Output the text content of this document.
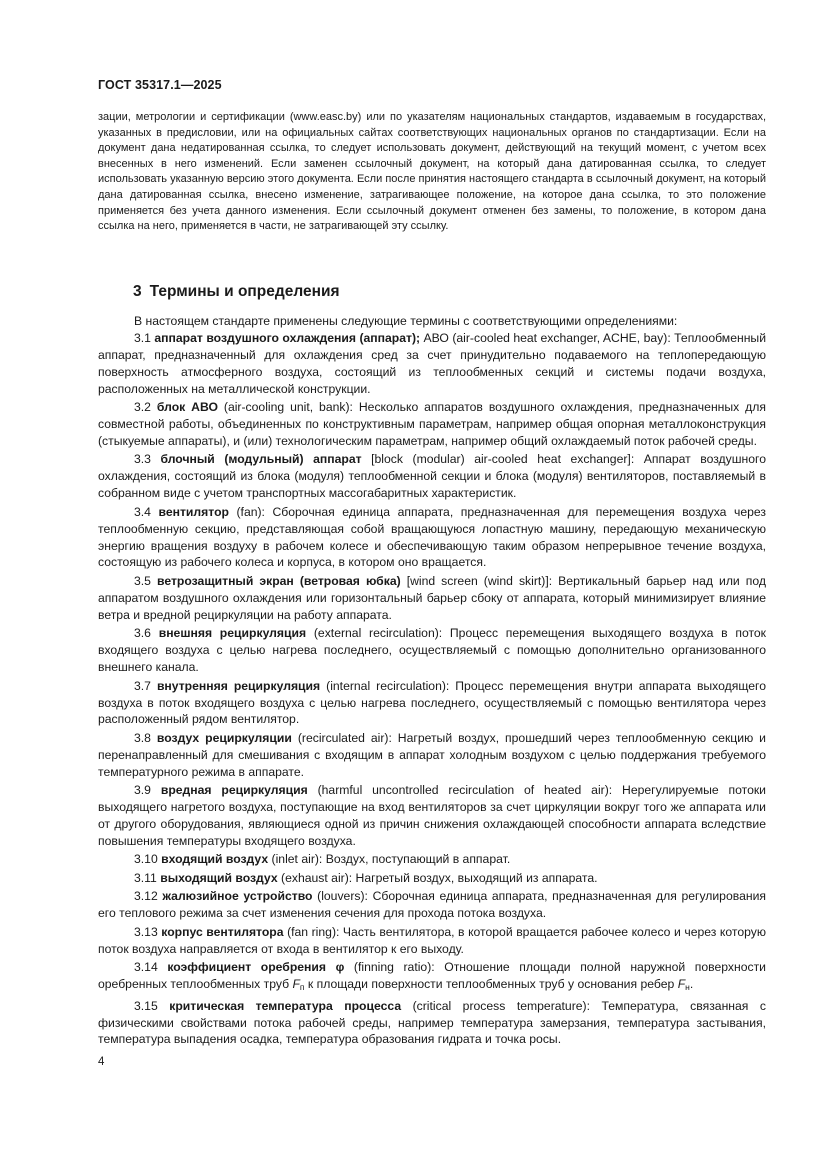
ГОСТ 35317.1—2025

зации, метрологии и сертификации (www.easc.by) или по указателям национальных стандартов, издаваемым в государствах, указанных в предисловии, или на официальных сайтах соответствующих национальных органов по стандартизации. Если на документ дана недатированная ссылка, то следует использовать документ, действующий на текущий момент, с учетом всех внесенных в него изменений. Если заменен ссылочный документ, на который дана датированная ссылка, то следует использовать указанную версию этого документа. Если после принятия настоящего стандарта в ссылочный документ, на который дана датированная ссылка, внесено изменение, затрагивающее положение, на которое дана ссылка, то это положение применяется без учета данного изменения. Если ссылочный документ отменен без замены, то положение, в котором дана ссылка на него, применяется в части, не затрагивающей эту ссылку.

3 Термины и определения

В настоящем стандарте применены следующие термины с соответствующими определениями:

3.1 аппарат воздушного охлаждения (аппарат); АВО (air-cooled heat exchanger, ACHE, bay): Теплообменный аппарат, предназначенный для охлаждения сред за счет принудительно подаваемого на теплопередающую поверхность атмосферного воздуха, состоящий из теплообменных секций и системы подачи воздуха, расположенных на металлической конструкции.

3.2 блок АВО (air-cooling unit, bank): Несколько аппаратов воздушного охлаждения, предназначенных для совместной работы, объединенных по конструктивным параметрам, например общая опорная металлоконструкция (стыкуемые аппараты), и (или) технологическим параметрам, например общий охлаждаемый поток рабочей среды.

3.3 блочный (модульный) аппарат [block (modular) air-cooled heat exchanger]: Аппарат воздушного охлаждения, состоящий из блока (модуля) теплообменной секции и блока (модуля) вентиляторов, поставляемый в собранном виде с учетом транспортных массогабаритных характеристик.

3.4 вентилятор (fan): Сборочная единица аппарата, предназначенная для перемещения воздуха через теплообменную секцию, представляющая собой вращающуюся лопастную машину, передающую механическую энергию вращения воздуху в рабочем колесе и обеспечивающую таким образом непрерывное течение воздуха, состоящую из рабочего колеса и корпуса, в котором оно вращается.

3.5 ветрозащитный экран (ветровая юбка) [wind screen (wind skirt)]: Вертикальный барьер над или под аппаратом воздушного охлаждения или горизонтальный барьер сбоку от аппарата, который минимизирует влияние ветра и вредной рециркуляции на работу аппарата.

3.6 внешняя рециркуляция (external recirculation): Процесс перемещения выходящего воздуха в поток входящего воздуха с целью нагрева последнего, осуществляемый с помощью дополнительно организованного внешнего канала.

3.7 внутренняя рециркуляция (internal recirculation): Процесс перемещения внутри аппарата выходящего воздуха в поток входящего воздуха с целью нагрева последнего, осуществляемый с помощью вентилятора через расположенный рядом вентилятор.

3.8 воздух рециркуляции (recirculated air): Нагретый воздух, прошедший через теплообменную секцию и перенаправленный для смешивания с входящим в аппарат холодным воздухом с целью поддержания требуемого температурного режима в аппарате.

3.9 вредная рециркуляция (harmful uncontrolled recirculation of heated air): Нерегулируемые потоки выходящего нагретого воздуха, поступающие на вход вентиляторов за счет циркуляции вокруг того же аппарата или от другого оборудования, являющиеся одной из причин снижения охлаждающей способности аппарата вследствие повышения температуры входящего воздуха.

3.10 входящий воздух (inlet air): Воздух, поступающий в аппарат.

3.11 выходящий воздух (exhaust air): Нагретый воздух, выходящий из аппарата.

3.12 жалюзийное устройство (louvers): Сборочная единица аппарата, предназначенная для регулирования его теплового режима за счет изменения сечения для прохода потока воздуха.

3.13 корпус вентилятора (fan ring): Часть вентилятора, в которой вращается рабочее колесо и через которую поток воздуха направляется от входа в вентилятор к его выходу.

3.14 коэффициент оребрения φ (finning ratio): Отношение площади полной наружной поверхности оребренных теплообменных труб $F_п$ к площади поверхности теплообменных труб у основания ребер $F_н$.

3.15 критическая температура процесса (critical process temperature): Температура, связанная с физическими свойствами потока рабочей среды, например температура замерзания, температура застывания, температура выпадения осадка, температура образования гидрата и точка росы.

4
